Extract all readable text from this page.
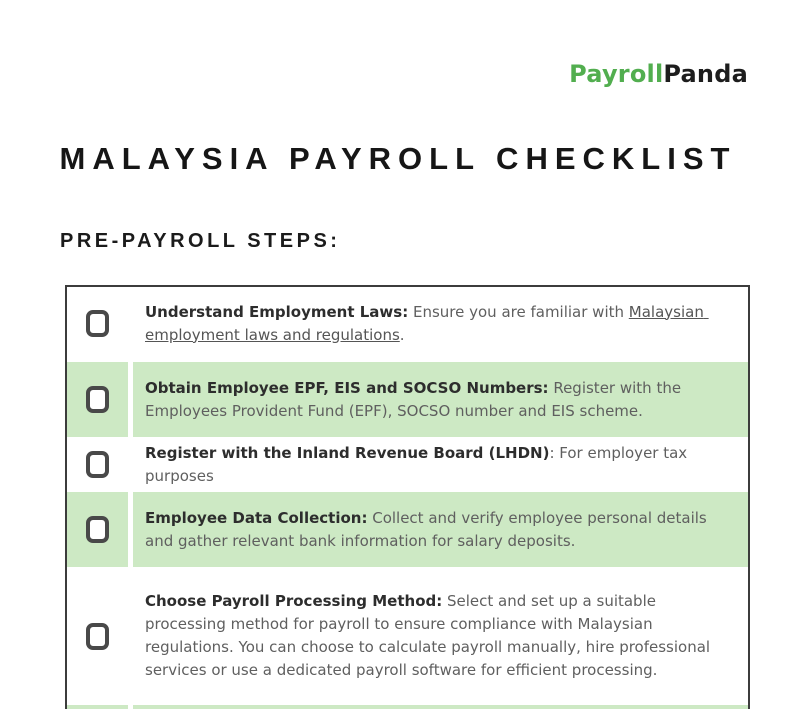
PayrollPanda
MALAYSIA PAYROLL CHECKLIST
PRE-PAYROLL STEPS:

Understand Employment Laws: Ensure you are familiar with Malaysian employment laws and regulations.

Obtain Employee EPF, EIS and SOCSO Numbers: Register with the Employees Provident Fund (EPF), SOCSO number and EIS scheme.

Register with the Inland Revenue Board (LHDN): For employer tax purposes

Employee Data Collection: Collect and verify employee personal details and gather relevant bank information for salary deposits.

Choose Payroll Processing Method: Select and set up a suitable processing method for payroll to ensure compliance with Malaysian regulations. You can choose to calculate payroll manually, hire professional services or use a dedicated payroll software for efficient processing.
